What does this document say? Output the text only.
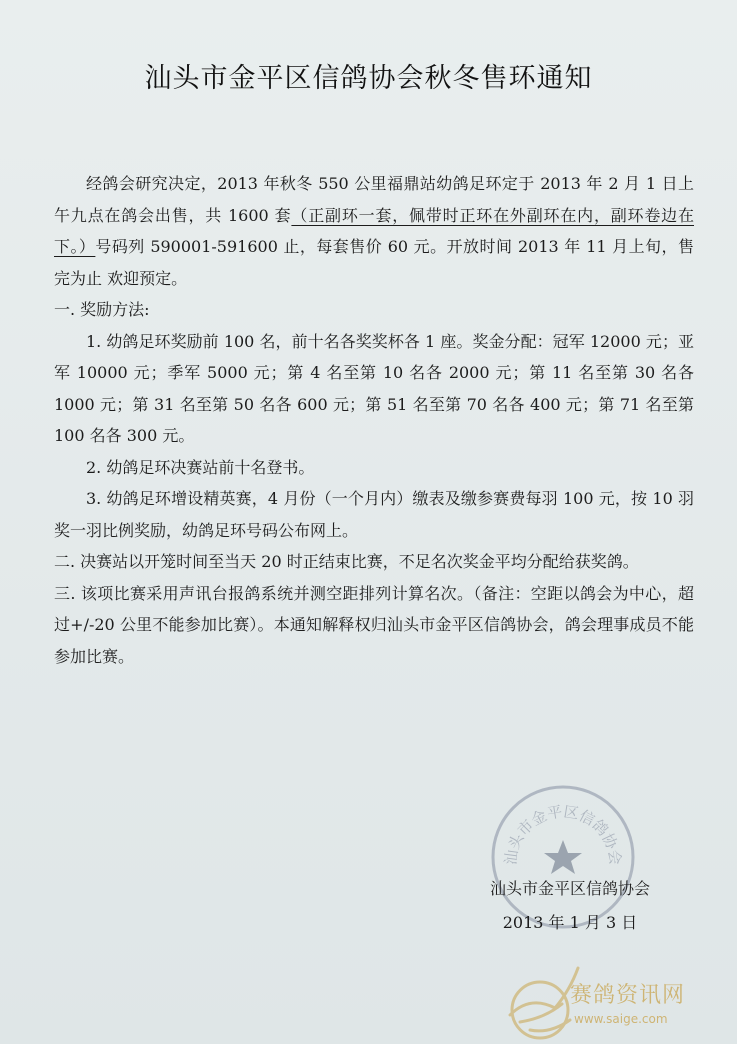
汕头市金平区信鸽协会秋冬售环通知

经鸽会研究决定，2013 年秋冬 550 公里福鼎站幼鸽足环定于 2013 年 2 月 1 日上午九点在鸽会出售，共 1600 套（正副环一套，佩带时正环在外副环在内，副环卷边在下。）号码列 590001-591600 止，每套售价 60 元。开放时间 2013 年 11 月上旬，售完为止 欢迎预定。

一. 奖励方法:

1. 幼鸽足环奖励前 100 名，前十名各奖奖杯各 1 座。奖金分配：冠军 12000 元；亚军 10000 元；季军 5000 元；第 4 名至第 10 名各 2000 元；第 11 名至第 30 名各 1000 元；第 31 名至第 50 名各 600 元；第 51 名至第 70 名各 400 元；第 71 名至第 100 名各 300 元。

2. 幼鸽足环决赛站前十名登书。

3. 幼鸽足环增设精英赛，4 月份（一个月内）缴表及缴参赛费每羽 100 元，按 10 羽奖一羽比例奖励，幼鸽足环号码公布网上。

二. 决赛站以开笼时间至当天 20 时正结束比赛，不足名次奖金平均分配给获奖鸽。

三. 该项比赛采用声讯台报鸽系统并测空距排列计算名次。（备注：空距以鸽会为中心，超过+/-20 公里不能参加比赛）。本通知解释权归汕头市金平区信鸽协会，鸽会理事成员不能参加比赛。

汕头市金平区信鸽协会
汕头市金平区信鸽协会
2013 年 1 月 3 日
赛鸽资讯网
www.saige.com
